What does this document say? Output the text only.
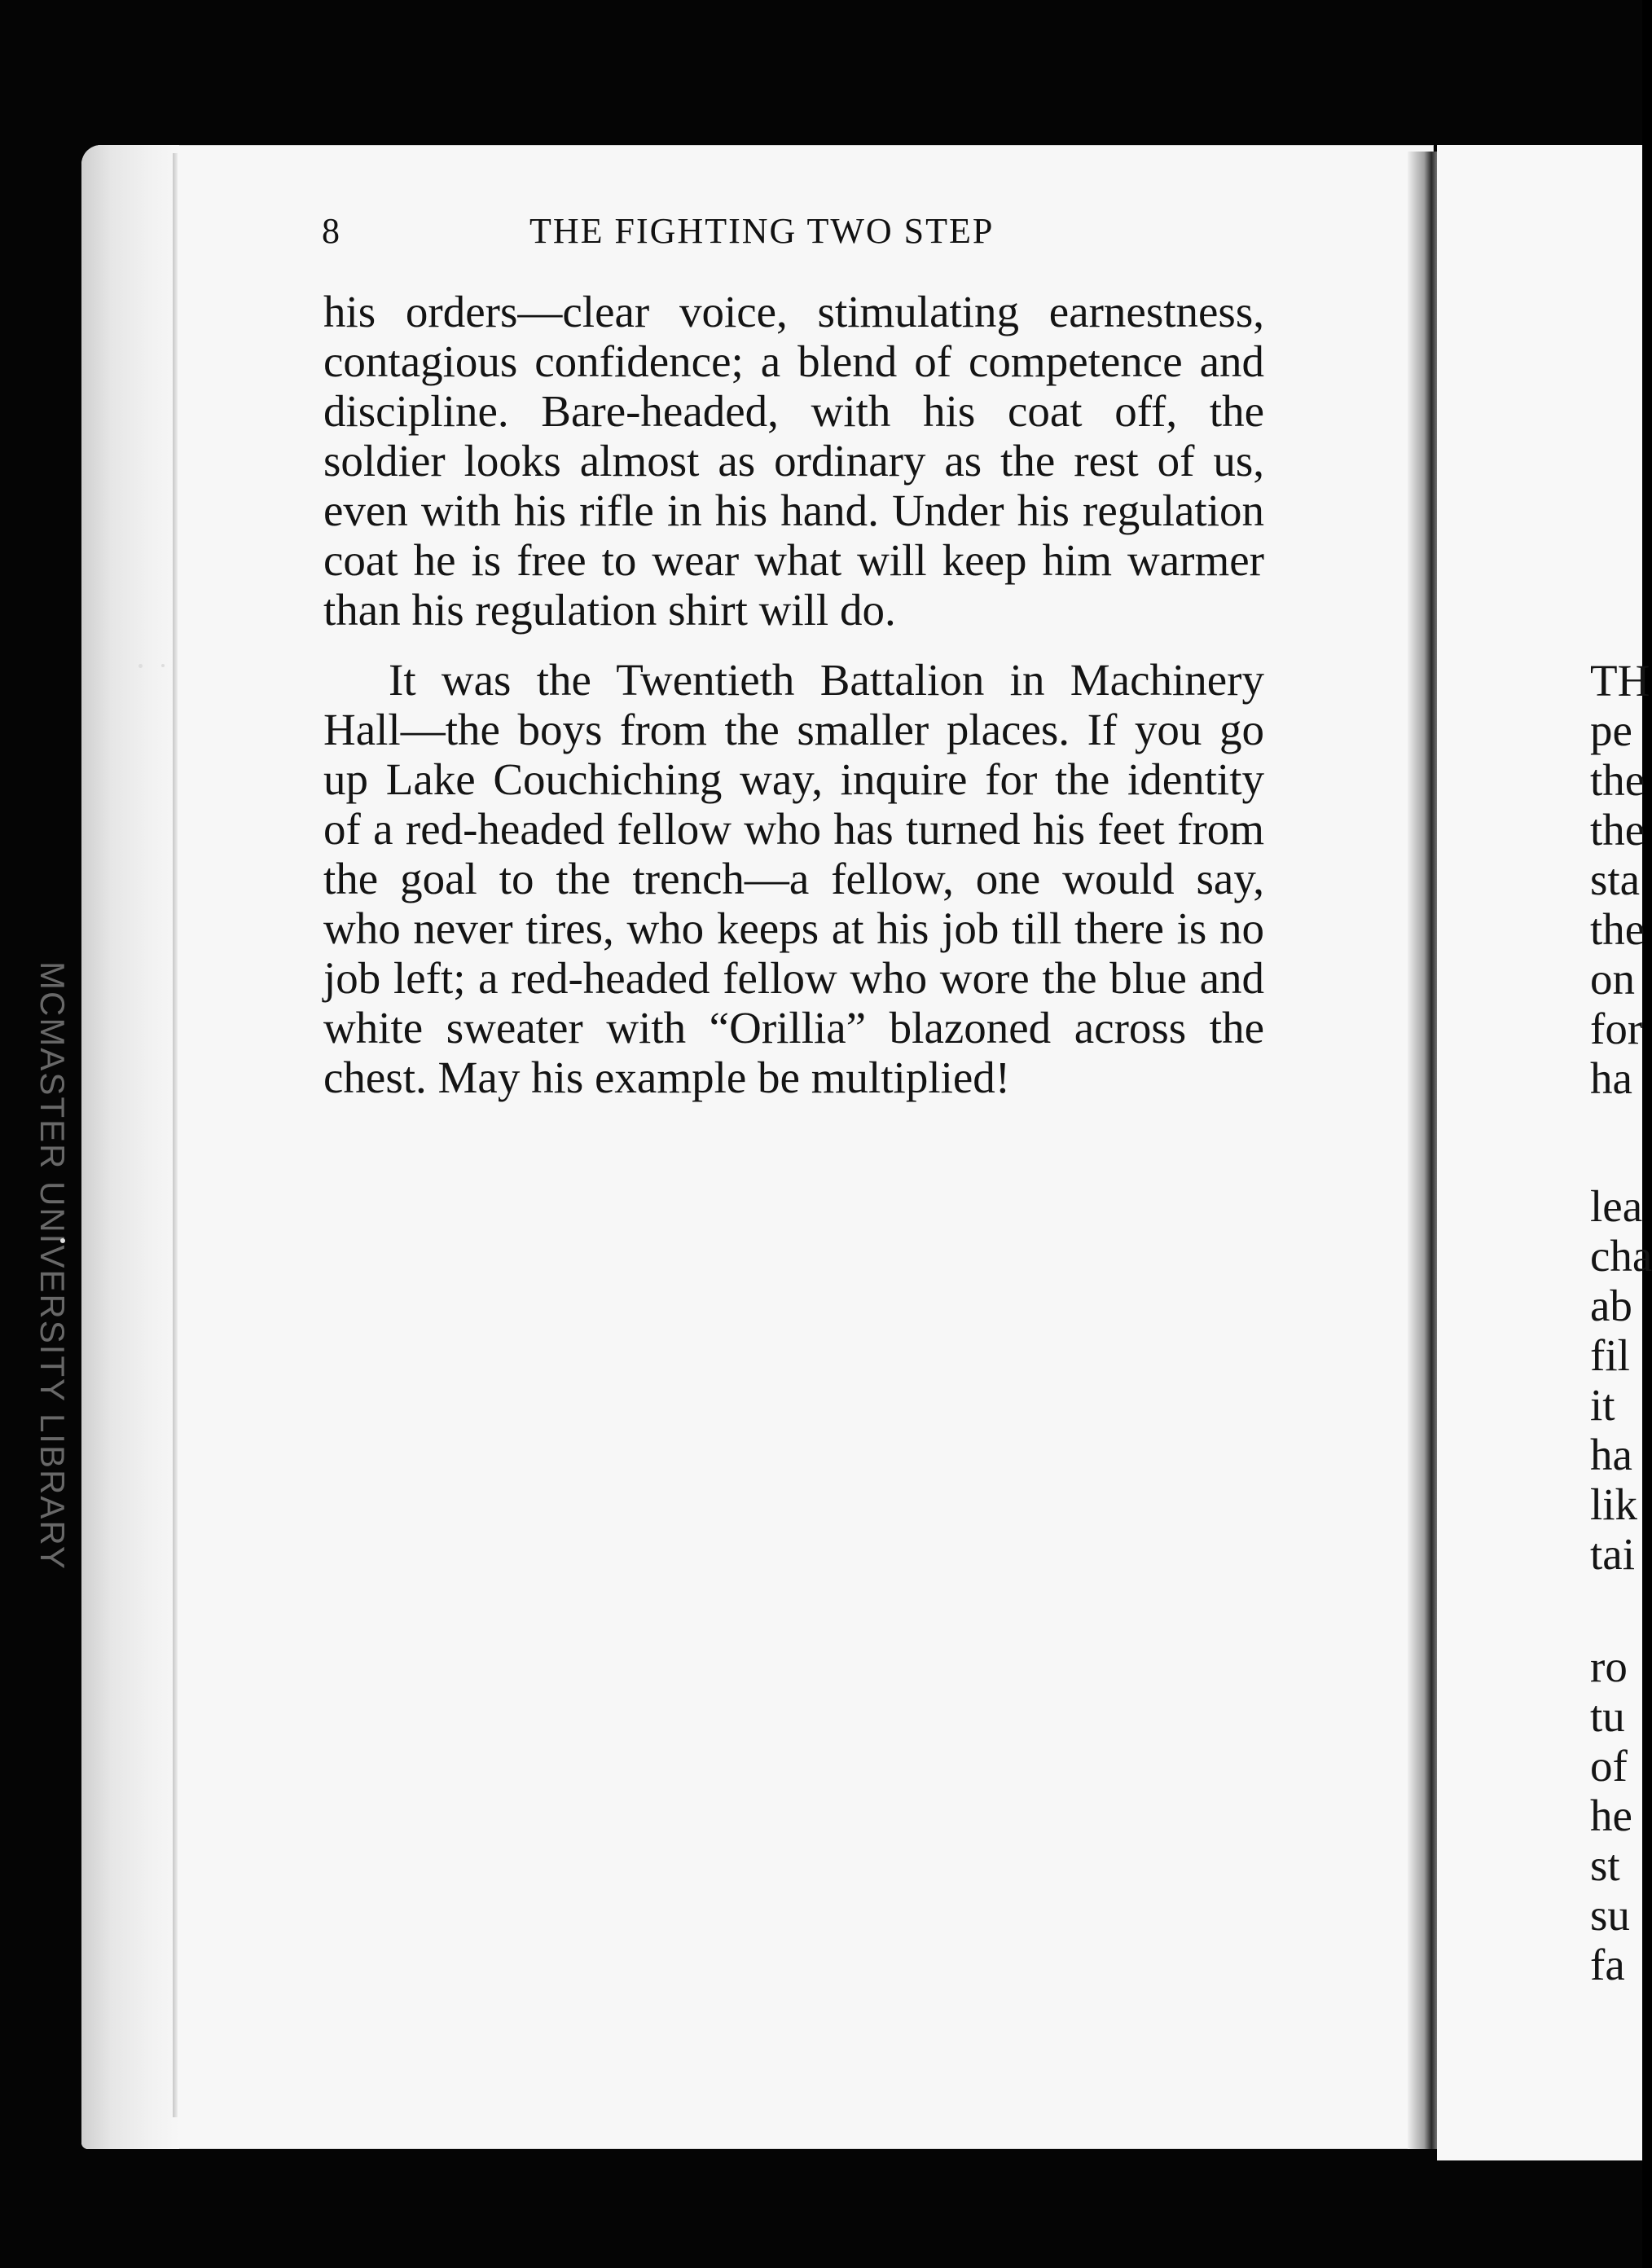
8	THE FIGHTING TWO STEP
his orders—clear voice, stimulating earnestness, contagious confidence; a blend of competence and discipline. Bare-headed, with his coat off, the soldier looks almost as ordinary as the rest of us, even with his rifle in his hand. Under his regulation coat he is free to wear what will keep him warmer than his regulation shirt will do.
It was the Twentieth Battalion in Machinery Hall—the boys from the smaller places. If you go up Lake Couchiching way, inquire for the identity of a red-headed fellow who has turned his feet from the goal to the trench—a fellow, one would say, who never tires, who keeps at his job till there is no job left; a red-headed fellow who wore the blue and white sweater with “Orillia” blazoned across the chest. May his example be multiplied!
TH
pe
the
the
sta
the
on
for
ha
lea
cha
ab
fil
it
ha
lik
tai
ro
tu
of
he
st
su
fa
